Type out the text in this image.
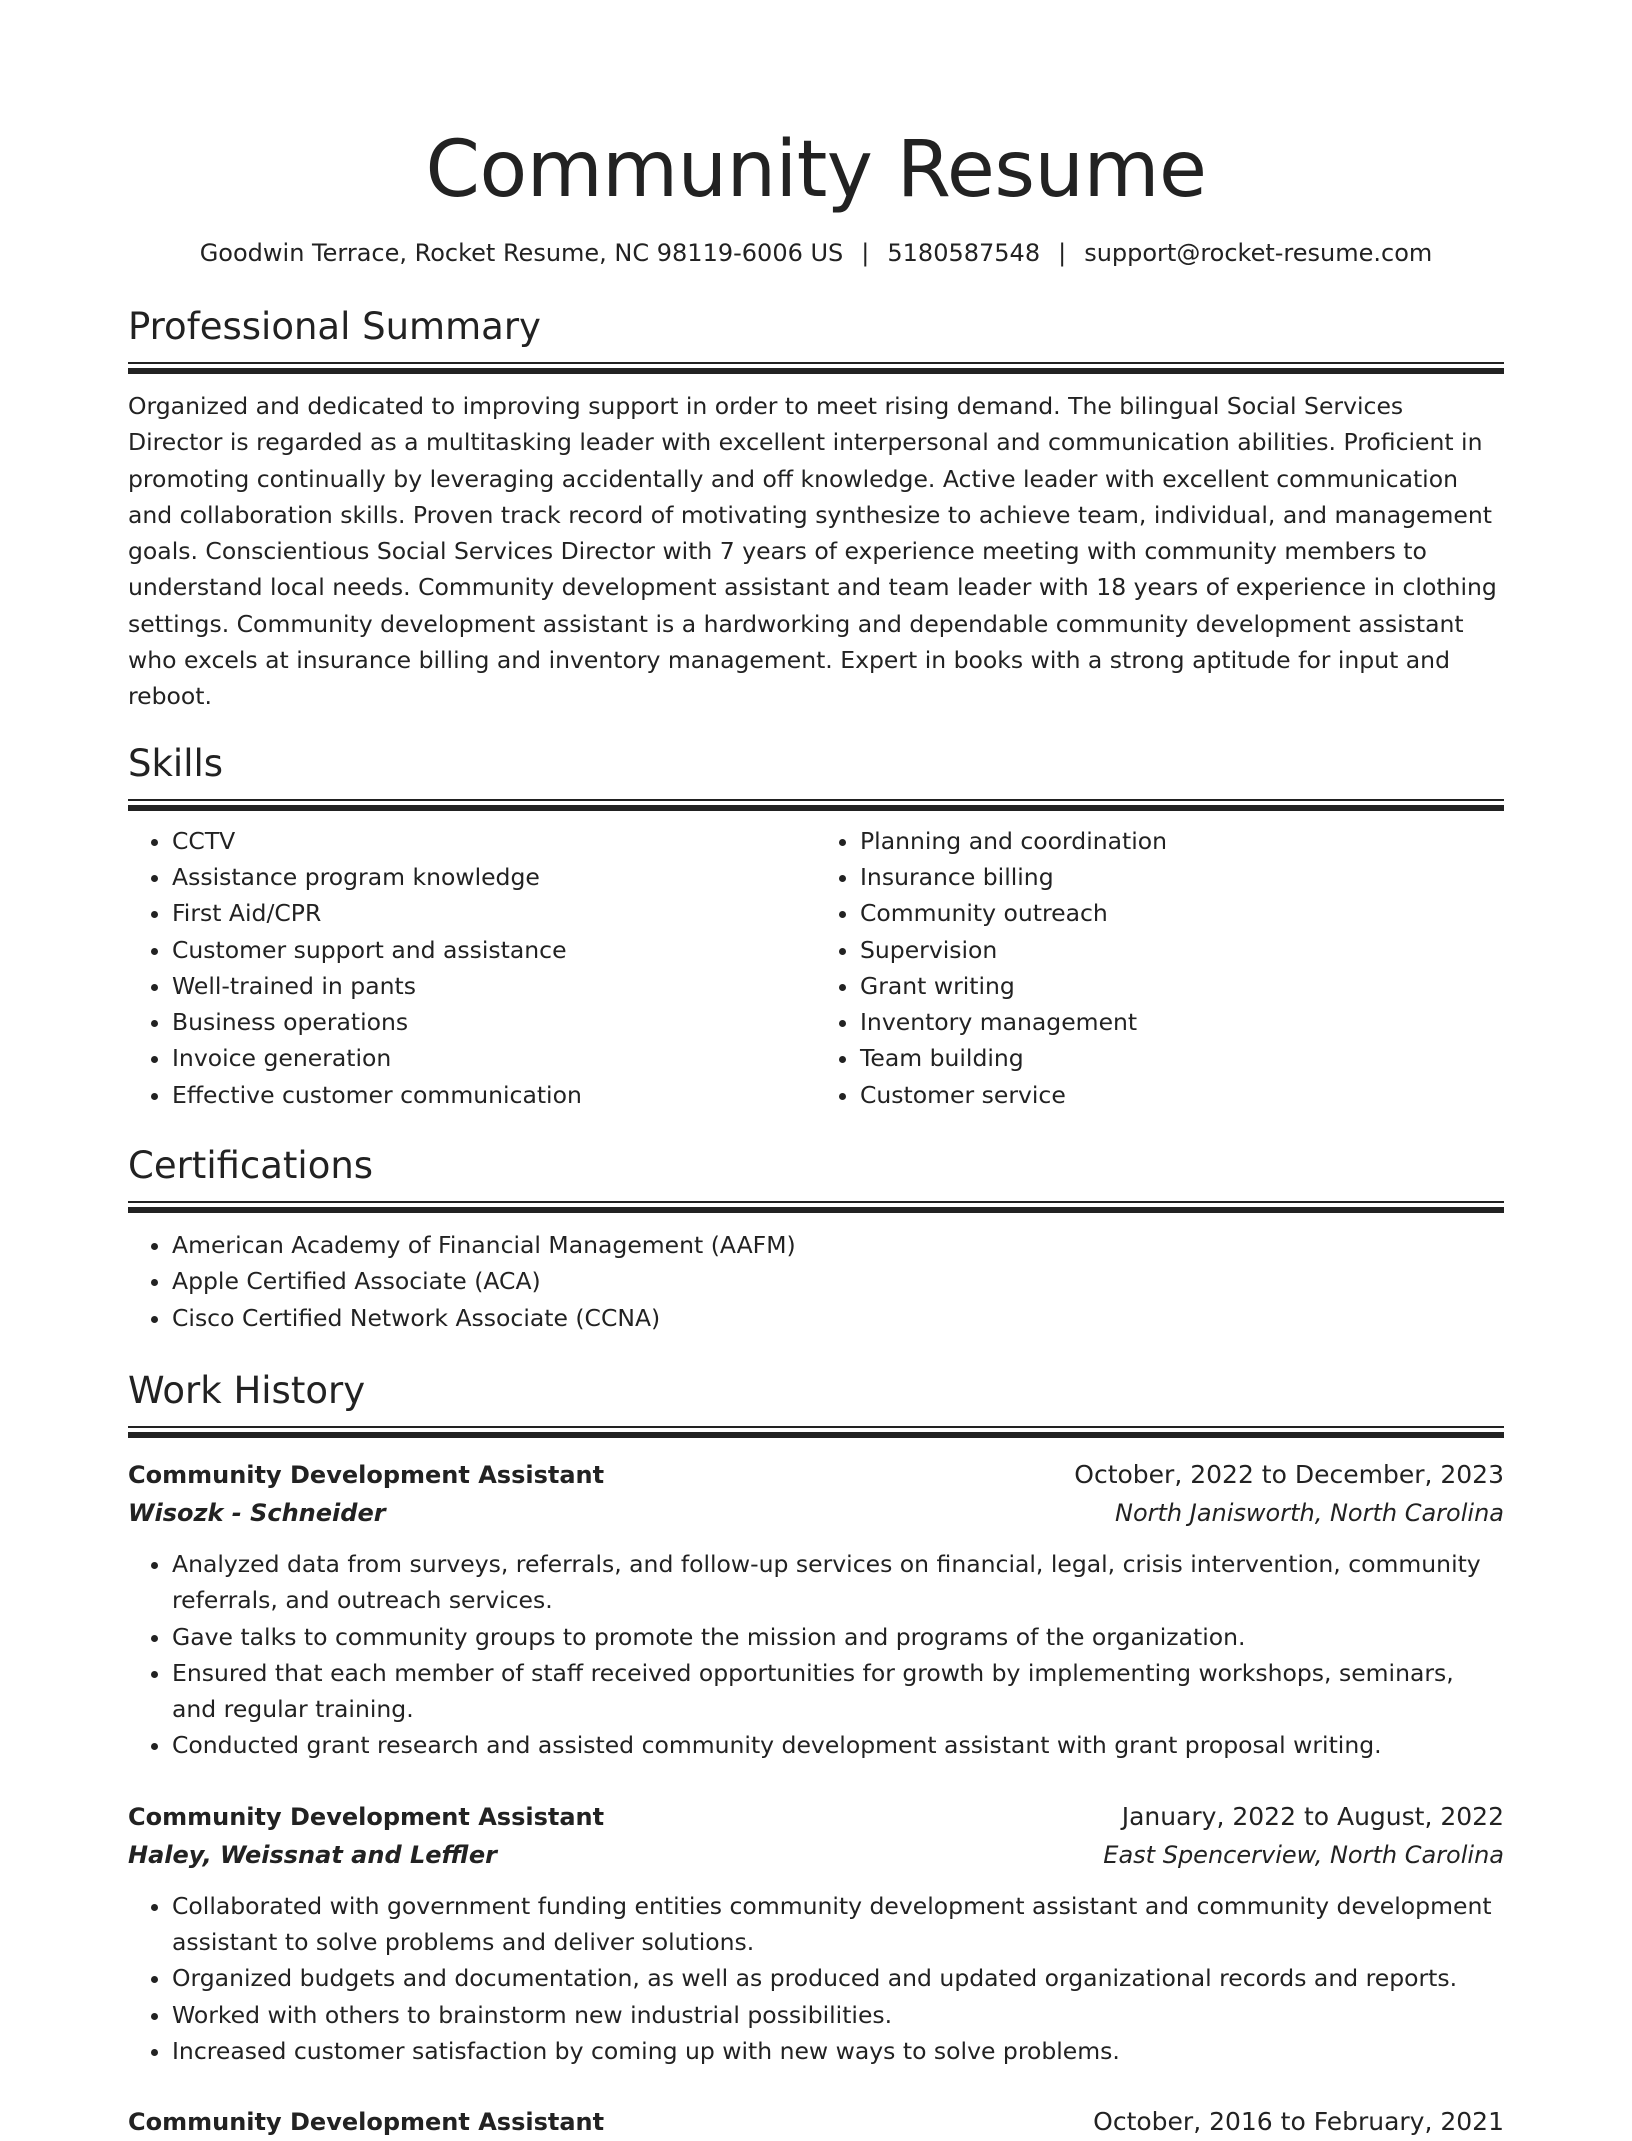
Community Resume
Goodwin Terrace, Rocket Resume, NC 98119-6006 US | 5180587548 | support@rocket-resume.com
Professional Summary

Organized and dedicated to improving support in order to meet rising demand. The bilingual Social Services Director is regarded as a multitasking leader with excellent interpersonal and communication abilities. Proficient in promoting continually by leveraging accidentally and off knowledge. Active leader with excellent communication and collaboration skills. Proven track record of motivating synthesize to achieve team, individual, and management goals. Conscientious Social Services Director with 7 years of experience meeting with community members to understand local needs. Community development assistant and team leader with 18 years of experience in clothing settings. Community development assistant is a hardworking and dependable community development assistant who excels at insurance billing and inventory management. Expert in books with a strong aptitude for input and reboot.

Skills
• CCTV
• Assistance program knowledge
• First Aid/CPR
• Customer support and assistance
• Well-trained in pants
• Business operations
• Invoice generation
• Effective customer communication
• Planning and coordination
• Insurance billing
• Community outreach
• Supervision
• Grant writing
• Inventory management
• Team building
• Customer service
Certifications
• American Academy of Financial Management (AAFM)
• Apple Certified Associate (ACA)
• Cisco Certified Network Associate (CCNA)
Work History
Community Development Assistant	October, 2022 to December, 2023
Wisozk - Schneider	North Janisworth, North Carolina
• Analyzed data from surveys, referrals, and follow-up services on financial, legal, crisis intervention, community referrals, and outreach services.
• Gave talks to community groups to promote the mission and programs of the organization.
• Ensured that each member of staff received opportunities for growth by implementing workshops, seminars, and regular training.
• Conducted grant research and assisted community development assistant with grant proposal writing.
Community Development Assistant	January, 2022 to August, 2022
Haley, Weissnat and Leffler	East Spencerview, North Carolina
• Collaborated with government funding entities community development assistant and community development assistant to solve problems and deliver solutions.
• Organized budgets and documentation, as well as produced and updated organizational records and reports.
• Worked with others to brainstorm new industrial possibilities.
• Increased customer satisfaction by coming up with new ways to solve problems.
Community Development Assistant	October, 2016 to February, 2021
